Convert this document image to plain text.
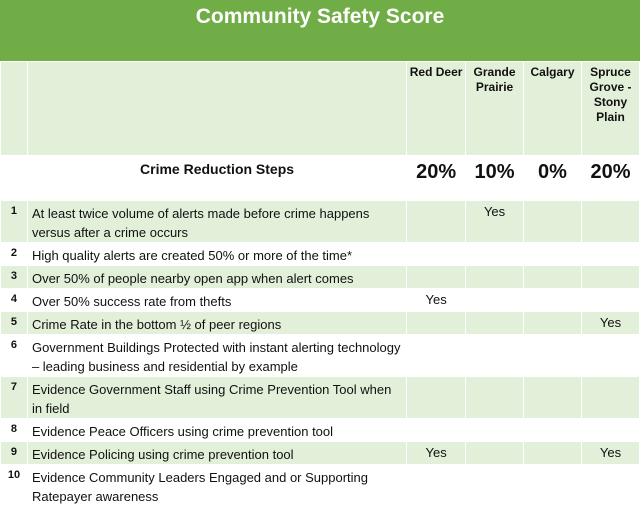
Community Safety Score
		Red Deer	Grande Prairie	Calgary	Spruce Grove - Stony Plain
	Crime Reduction Steps	20%	10%	0%	20%
1	At least twice volume of alerts made before crime happens versus after a crime occurs		Yes		
2	High quality alerts are created 50% or more of the time*				
3	Over 50% of people nearby open app when alert comes				
4	Over 50% success rate from thefts	Yes			
5	Crime Rate in the bottom ½ of peer regions				Yes
6	Government Buildings Protected with instant alerting technology – leading business and residential by example				
7	Evidence Government Staff using Crime Prevention Tool when in field				
8	Evidence Peace Officers using crime prevention tool				
9	Evidence Policing using crime prevention tool	Yes			Yes
10	Evidence Community Leaders Engaged and or Supporting Ratepayer awareness				
